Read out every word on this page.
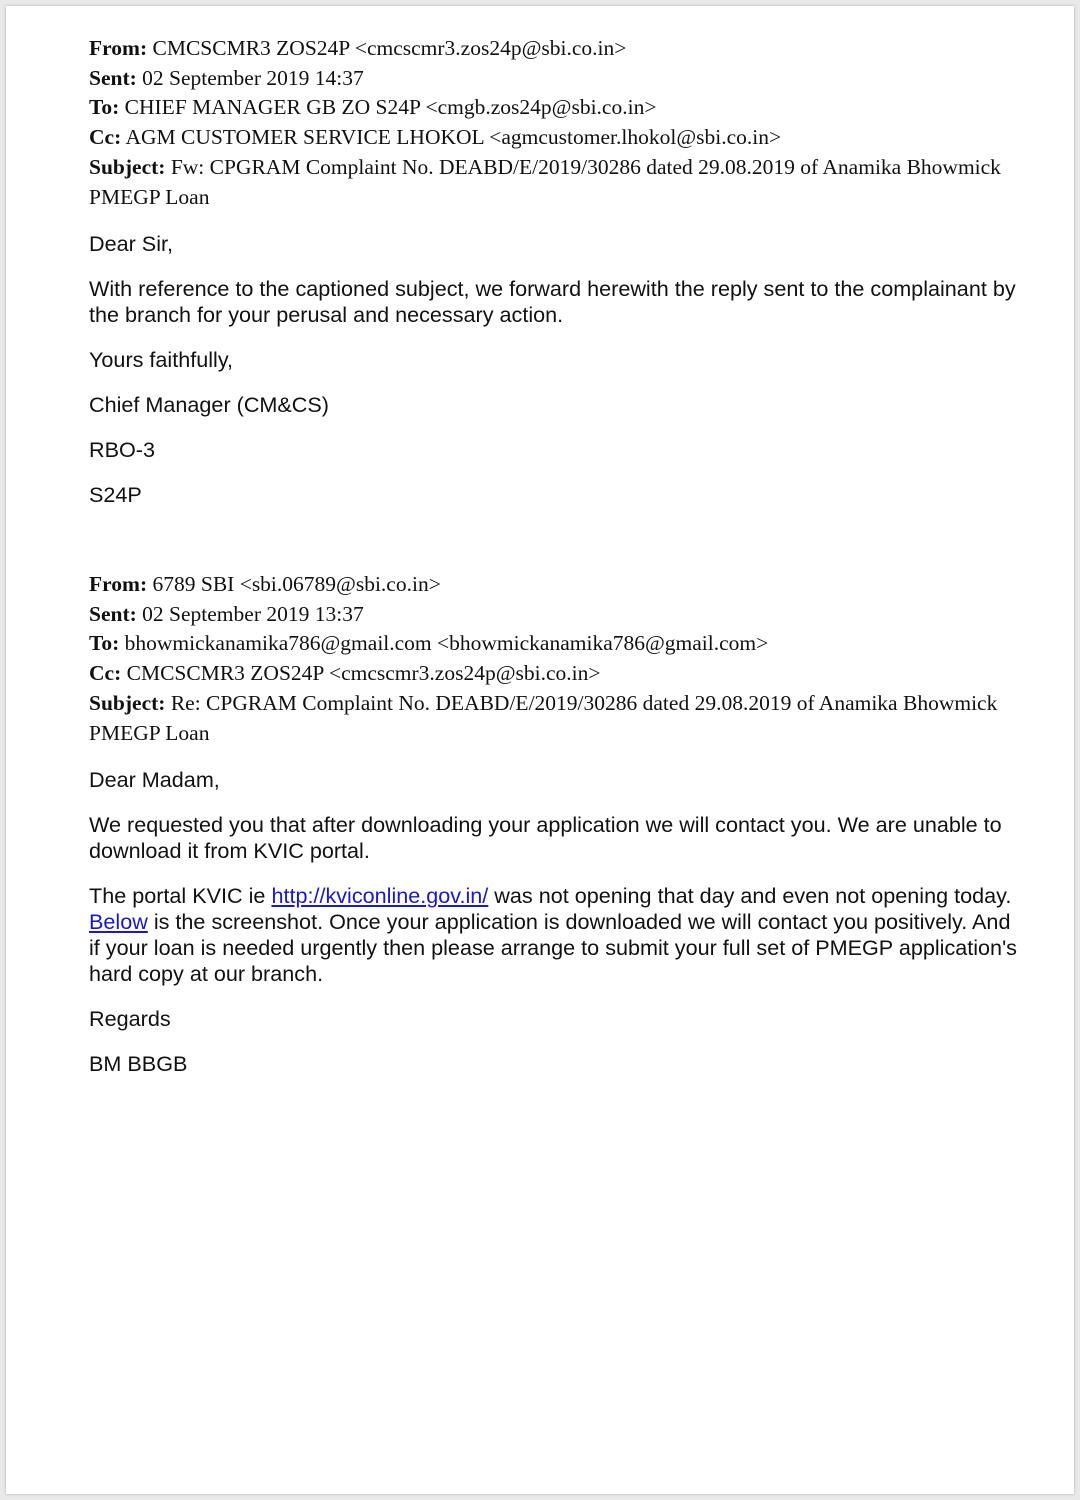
From: CMCSCMR3 ZOS24P <cmcscmr3.zos24p@sbi.co.in>
Sent: 02 September 2019 14:37
To: CHIEF MANAGER GB ZO S24P <cmgb.zos24p@sbi.co.in>
Cc: AGM CUSTOMER SERVICE LHOKOL <agmcustomer.lhokol@sbi.co.in>
Subject: Fw: CPGRAM Complaint No. DEABD/E/2019/30286 dated 29.08.2019 of Anamika Bhowmick PMEGP Loan

Dear Sir,

With reference to the captioned subject, we forward herewith the reply sent to the complainant by the branch for your perusal and necessary action.

Yours faithfully,

Chief Manager (CM&CS)

RBO-3

S24P

From: 6789 SBI <sbi.06789@sbi.co.in>
Sent: 02 September 2019 13:37
To: bhowmickanamika786@gmail.com <bhowmickanamika786@gmail.com>
Cc: CMCSCMR3 ZOS24P <cmcscmr3.zos24p@sbi.co.in>
Subject: Re: CPGRAM Complaint No. DEABD/E/2019/30286 dated 29.08.2019 of Anamika Bhowmick PMEGP Loan

Dear Madam,

We requested you that after downloading your application we will contact you. We are unable to download it from KVIC portal.

The portal KVIC ie http://kviconline.gov.in/ was not opening that day and even not opening today. Below is the screenshot. Once your application is downloaded we will contact you positively. And if your loan is needed urgently then please arrange to submit your full set of PMEGP application's hard copy at our branch.

Regards

BM BBGB
